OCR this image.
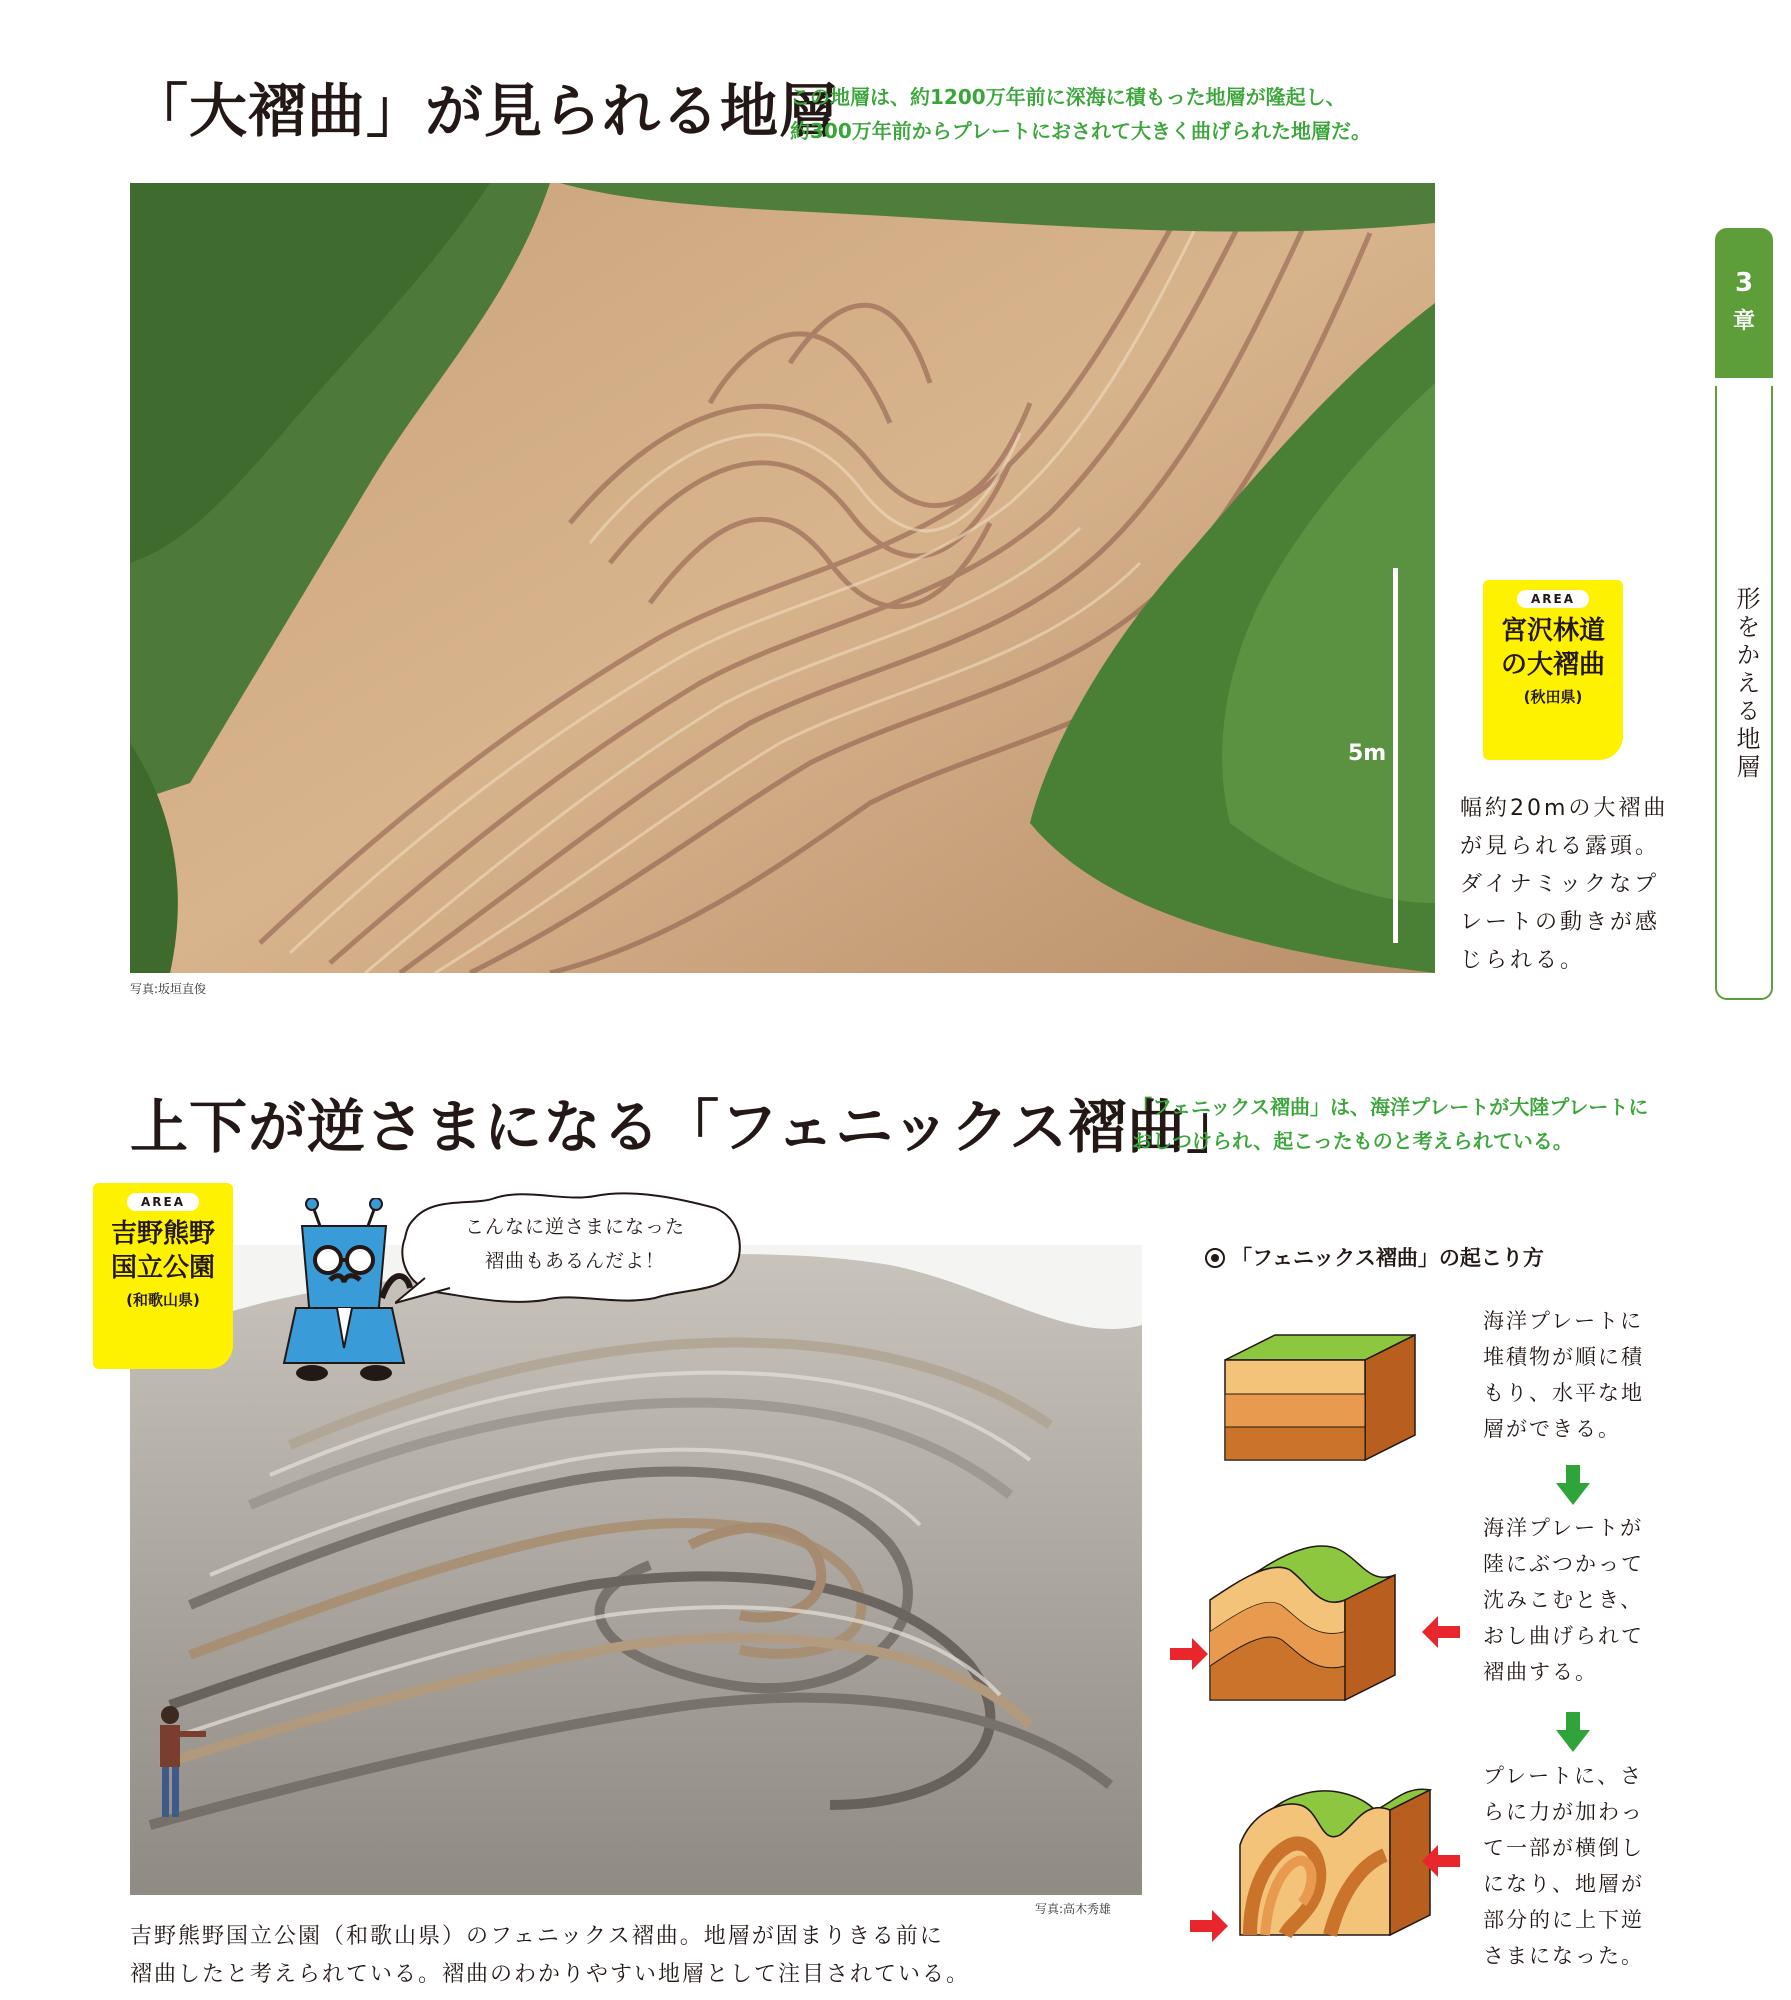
「大褶曲」が見られる地層
この地層は、約1200万年前に深海に積もった地層が隆起し、
約300万年前からプレートにおされて大きく曲げられた地層だ。
5m
写真:坂垣直俊
AREA
宮沢林道
の大褶曲
(秋田県)
幅約20mの大褶曲
が見られる露頭。
ダイナミックなプ
レートの動きが感
じられる。
3
章
形をかえる地層
上下が逆さまになる「フェニックス褶曲」
「フェニックス褶曲」は、海洋プレートが大陸プレートに
おしつけられ、起こったものと考えられている。
こんなに逆さまになった
褶曲もあるんだよ！
AREA
吉野熊野
国立公園
(和歌山県)
写真:高木秀雄
吉野熊野国立公園（和歌山県）のフェニックス褶曲。地層が固まりきる前に
褶曲したと考えられている。褶曲のわかりやすい地層として注目されている。
「フェニックス褶曲」の起こり方
海洋プレートに
堆積物が順に積
もり、水平な地
層ができる。
海洋プレートが
陸にぶつかって
沈みこむとき、
おし曲げられて
褶曲する。
プレートに、さ
らに力が加わっ
て一部が横倒し
になり、地層が
部分的に上下逆
さまになった。
